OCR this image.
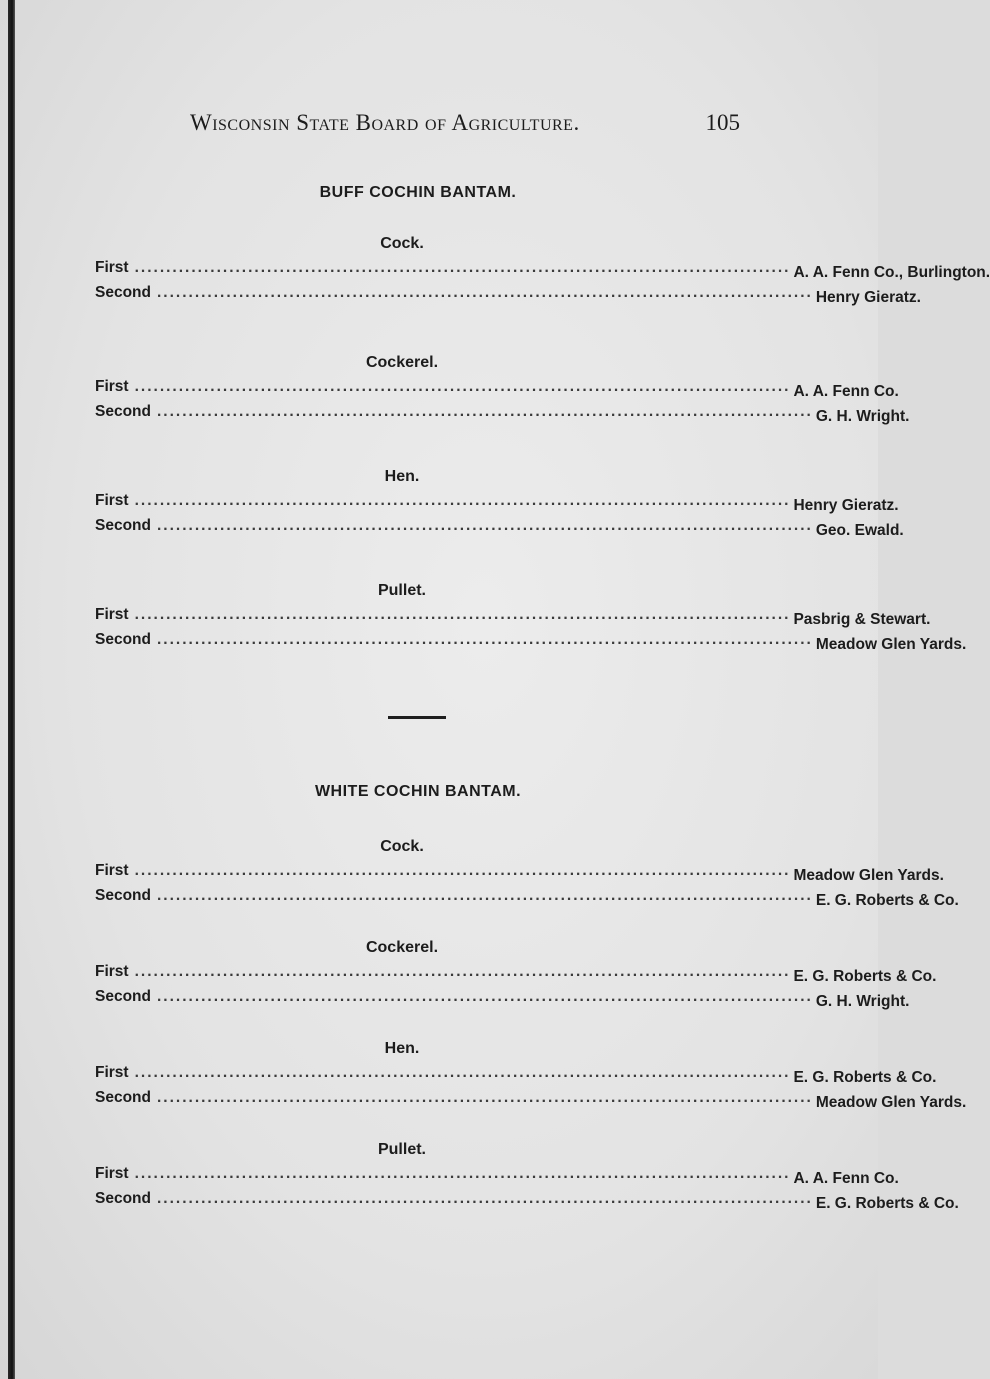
Wisconsin State Board of Agriculture.	105
BUFF COCHIN BANTAM.
Cock.
First ........................................................................................................ A. A. Fenn Co., Burlington.
Second ........................................................................................................ Henry Gieratz.
Cockerel.
First ........................................................................................................ A. A. Fenn Co.
Second ........................................................................................................ G. H. Wright.
Hen.
First ........................................................................................................ Henry Gieratz.
Second ........................................................................................................ Geo. Ewald.
Pullet.
First ........................................................................................................ Pasbrig & Stewart.
Second ........................................................................................................ Meadow Glen Yards.
WHITE COCHIN BANTAM.
Cock.
First ........................................................................................................ Meadow Glen Yards.
Second ........................................................................................................ E. G. Roberts & Co.
Cockerel.
First ........................................................................................................ E. G. Roberts & Co.
Second ........................................................................................................ G. H. Wright.
Hen.
First ........................................................................................................ E. G. Roberts & Co.
Second ........................................................................................................ Meadow Glen Yards.
Pullet.
First ........................................................................................................ A. A. Fenn Co.
Second ........................................................................................................ E. G. Roberts & Co.
